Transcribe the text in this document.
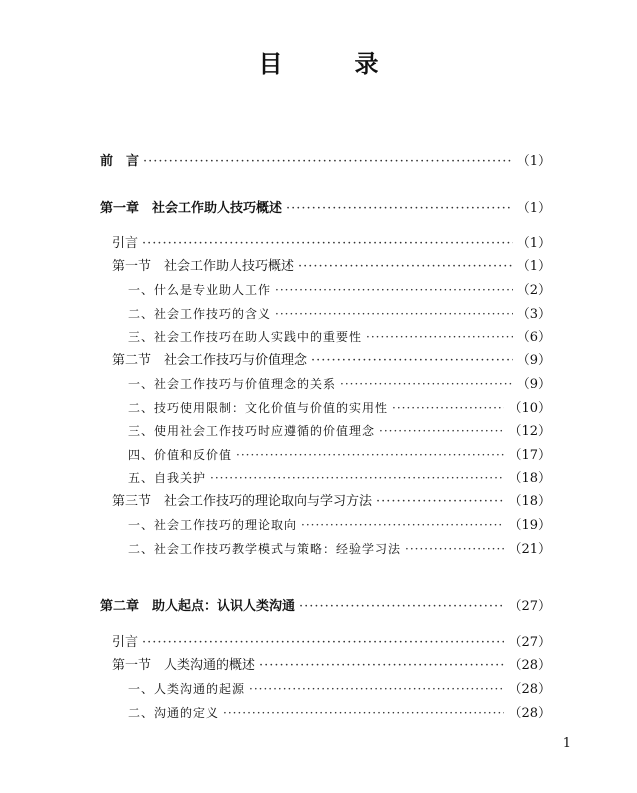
目　录
前　言 ·····	（1）
第一章　社会工作助人技巧概述 ·····	（1）
引言 ·····	（1）
第一节　社会工作助人技巧概述 ·····	（1）
一、什么是专业助人工作 ·····	（2）
二、社会工作技巧的含义 ·····	（3）
三、社会工作技巧在助人实践中的重要性 ·····	（6）
第二节　社会工作技巧与价值理念 ·····	（9）
一、社会工作技巧与价值理念的关系 ·····	（9）
二、技巧使用限制：文化价值与价值的实用性 ·····	（10）
三、使用社会工作技巧时应遵循的价值理念 ·····	（12）
四、价值和反价值 ·····	（17）
五、自我关护 ·····	（18）
第三节　社会工作技巧的理论取向与学习方法 ·····	（18）
一、社会工作技巧的理论取向 ·····	（19）
二、社会工作技巧教学模式与策略：经验学习法 ·····	（21）
第二章　助人起点：认识人类沟通 ·····	（27）
引言 ·····	（27）
第一节　人类沟通的概述 ·····	（28）
一、人类沟通的起源 ·····	（28）
二、沟通的定义 ·····	（28）
1
